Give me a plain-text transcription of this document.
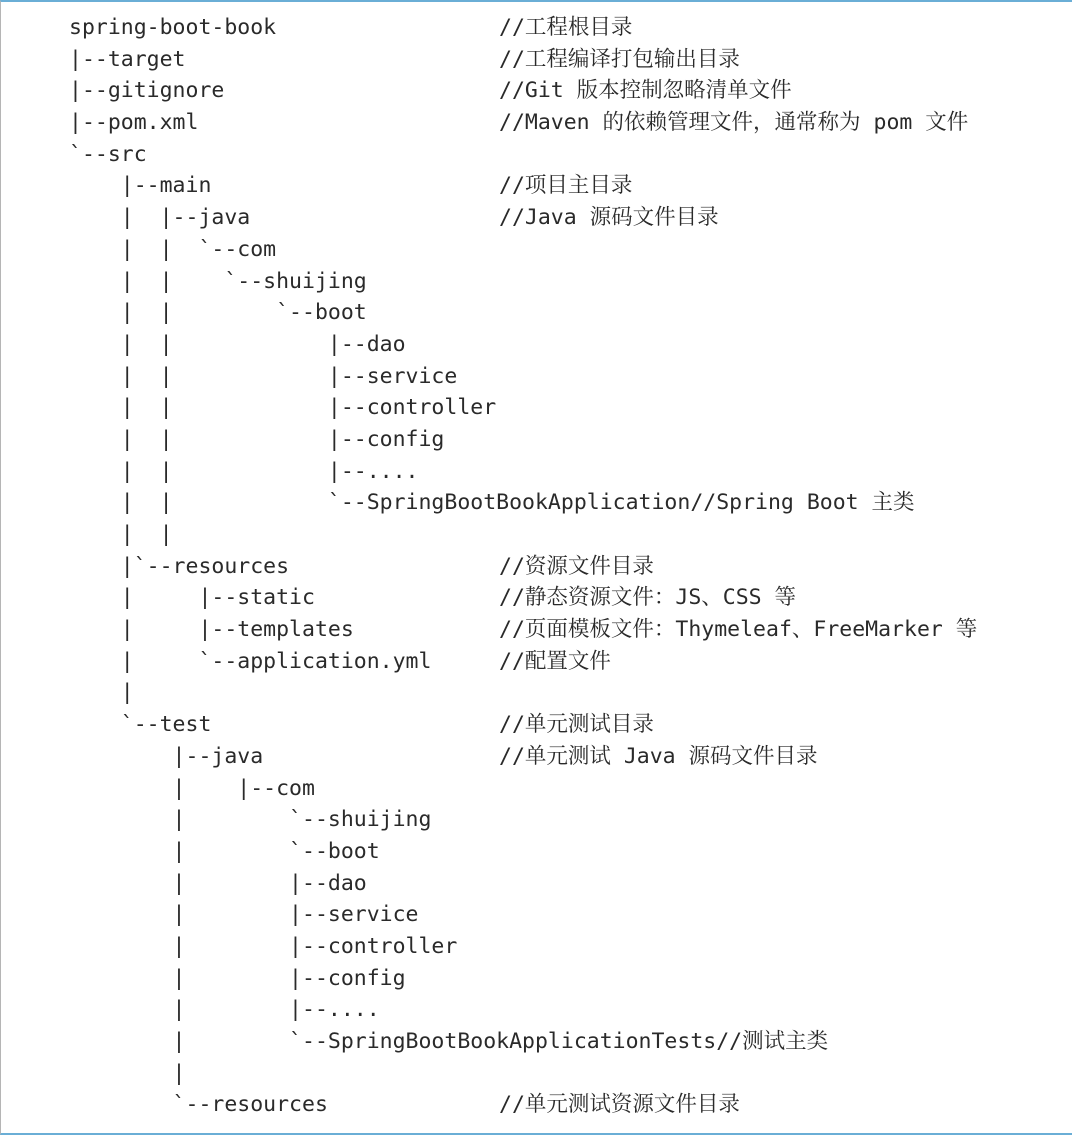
spring-boot-book	//工程根目录
|--target	//工程编译打包输出目录
|--gitignore	//Git 版本控制忽略清单文件
|--pom.xml	//Maven 的依赖管理文件，通常称为 pom 文件
`--src
|--main	//项目主目录
|  |--java	//Java 源码文件目录
|  |  `--com
|  |    `--shuijing
|  |        `--boot
|  |            |--dao
|  |            |--service
|  |            |--controller
|  |            |--config
|  |            |--....
|  |            `--SpringBootBookApplication//Spring Boot 主类
|  |
|`--resources	//资源文件目录
|     |--static	//静态资源文件：JS、CSS 等
|     |--templates	//页面模板文件：Thymeleaf、FreeMarker 等
|     `--application.yml	//配置文件
|
`--test	//单元测试目录
|--java	//单元测试 Java 源码文件目录
|    |--com
|        `--shuijing
|        `--boot
|        |--dao
|        |--service
|        |--controller
|        |--config
|        |--....
|        `--SpringBootBookApplicationTests//测试主类
|
`--resources	//单元测试资源文件目录
